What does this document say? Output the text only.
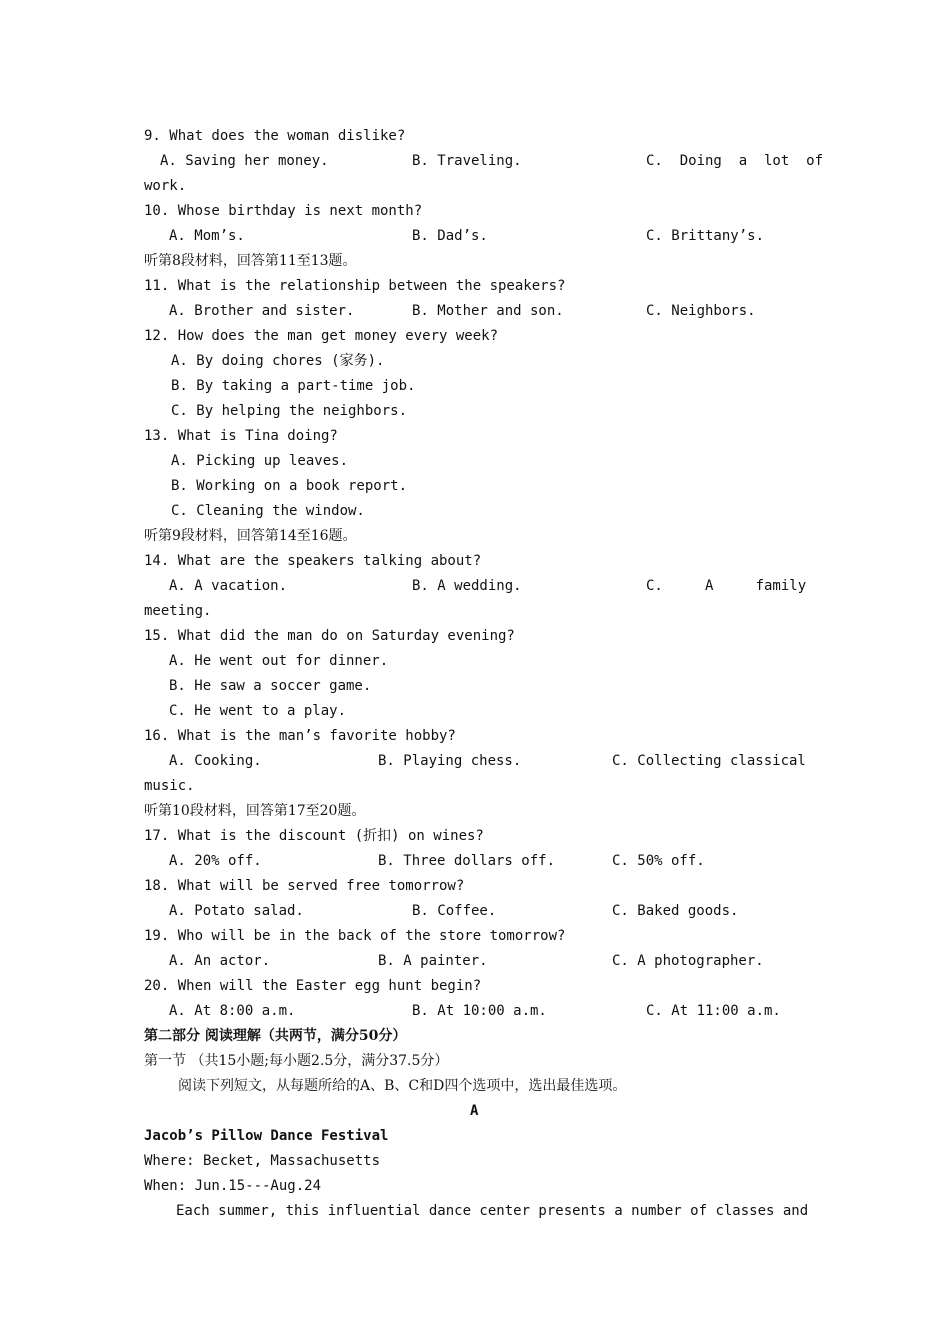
9. What does the woman dislike?

A. Saving her money.

	B. Traveling.

	C.  Doing  a  lot  of

work.

10. Whose birthday is next month?

A. Mom’s.

	B. Dad’s.

	C. Brittany’s.

听第8段材料，回答第11至13题。

11. What is the relationship between the speakers?

A. Brother and sister.

	B. Mother and son.

	C. Neighbors.

12. How does the man get money every week?

A. By doing chores (家务).

B. By taking a part-time job.

C. By helping the neighbors.

13. What is Tina doing?

A. Picking up leaves.

B. Working on a book report.

C. Cleaning the window.

听第9段材料，回答第14至16题。

14. What are the speakers talking about?

A. A vacation.

	B. A wedding.

	C.     A     family

meeting.

15. What did the man do on Saturday evening?

A. He went out for dinner.

B. He saw a soccer game.

C. He went to a play.

16. What is the man’s favorite hobby?

A. Cooking.

	B. Playing chess.

	C. Collecting classical

music.

听第10段材料，回答第17至20题。

17. What is the discount (折扣) on wines?

A. 20% off.

	B. Three dollars off.

	C. 50% off.

18. What will be served free tomorrow?

A. Potato salad.

	B. Coffee.

	C. Baked goods.

19. Who will be in the back of the store tomorrow?

A. An actor.

	B. A painter.

	C. A photographer.

20. When will the Easter egg hunt begin?

A. At 8:00 a.m.

	B. At 10:00 a.m.

	C. At 11:00 a.m.

第二部分 阅读理解（共两节，满分50分）

第一节 （共15小题;每小题2.5分，满分37.5分）

阅读下列短文，从每题所给的A、B、C和D四个选项中，选出最佳选项。

A

Jacob’s Pillow Dance Festival

Where: Becket, Massachusetts

When: Jun.15---Aug.24

Each summer, this influential dance center presents a number of classes and
